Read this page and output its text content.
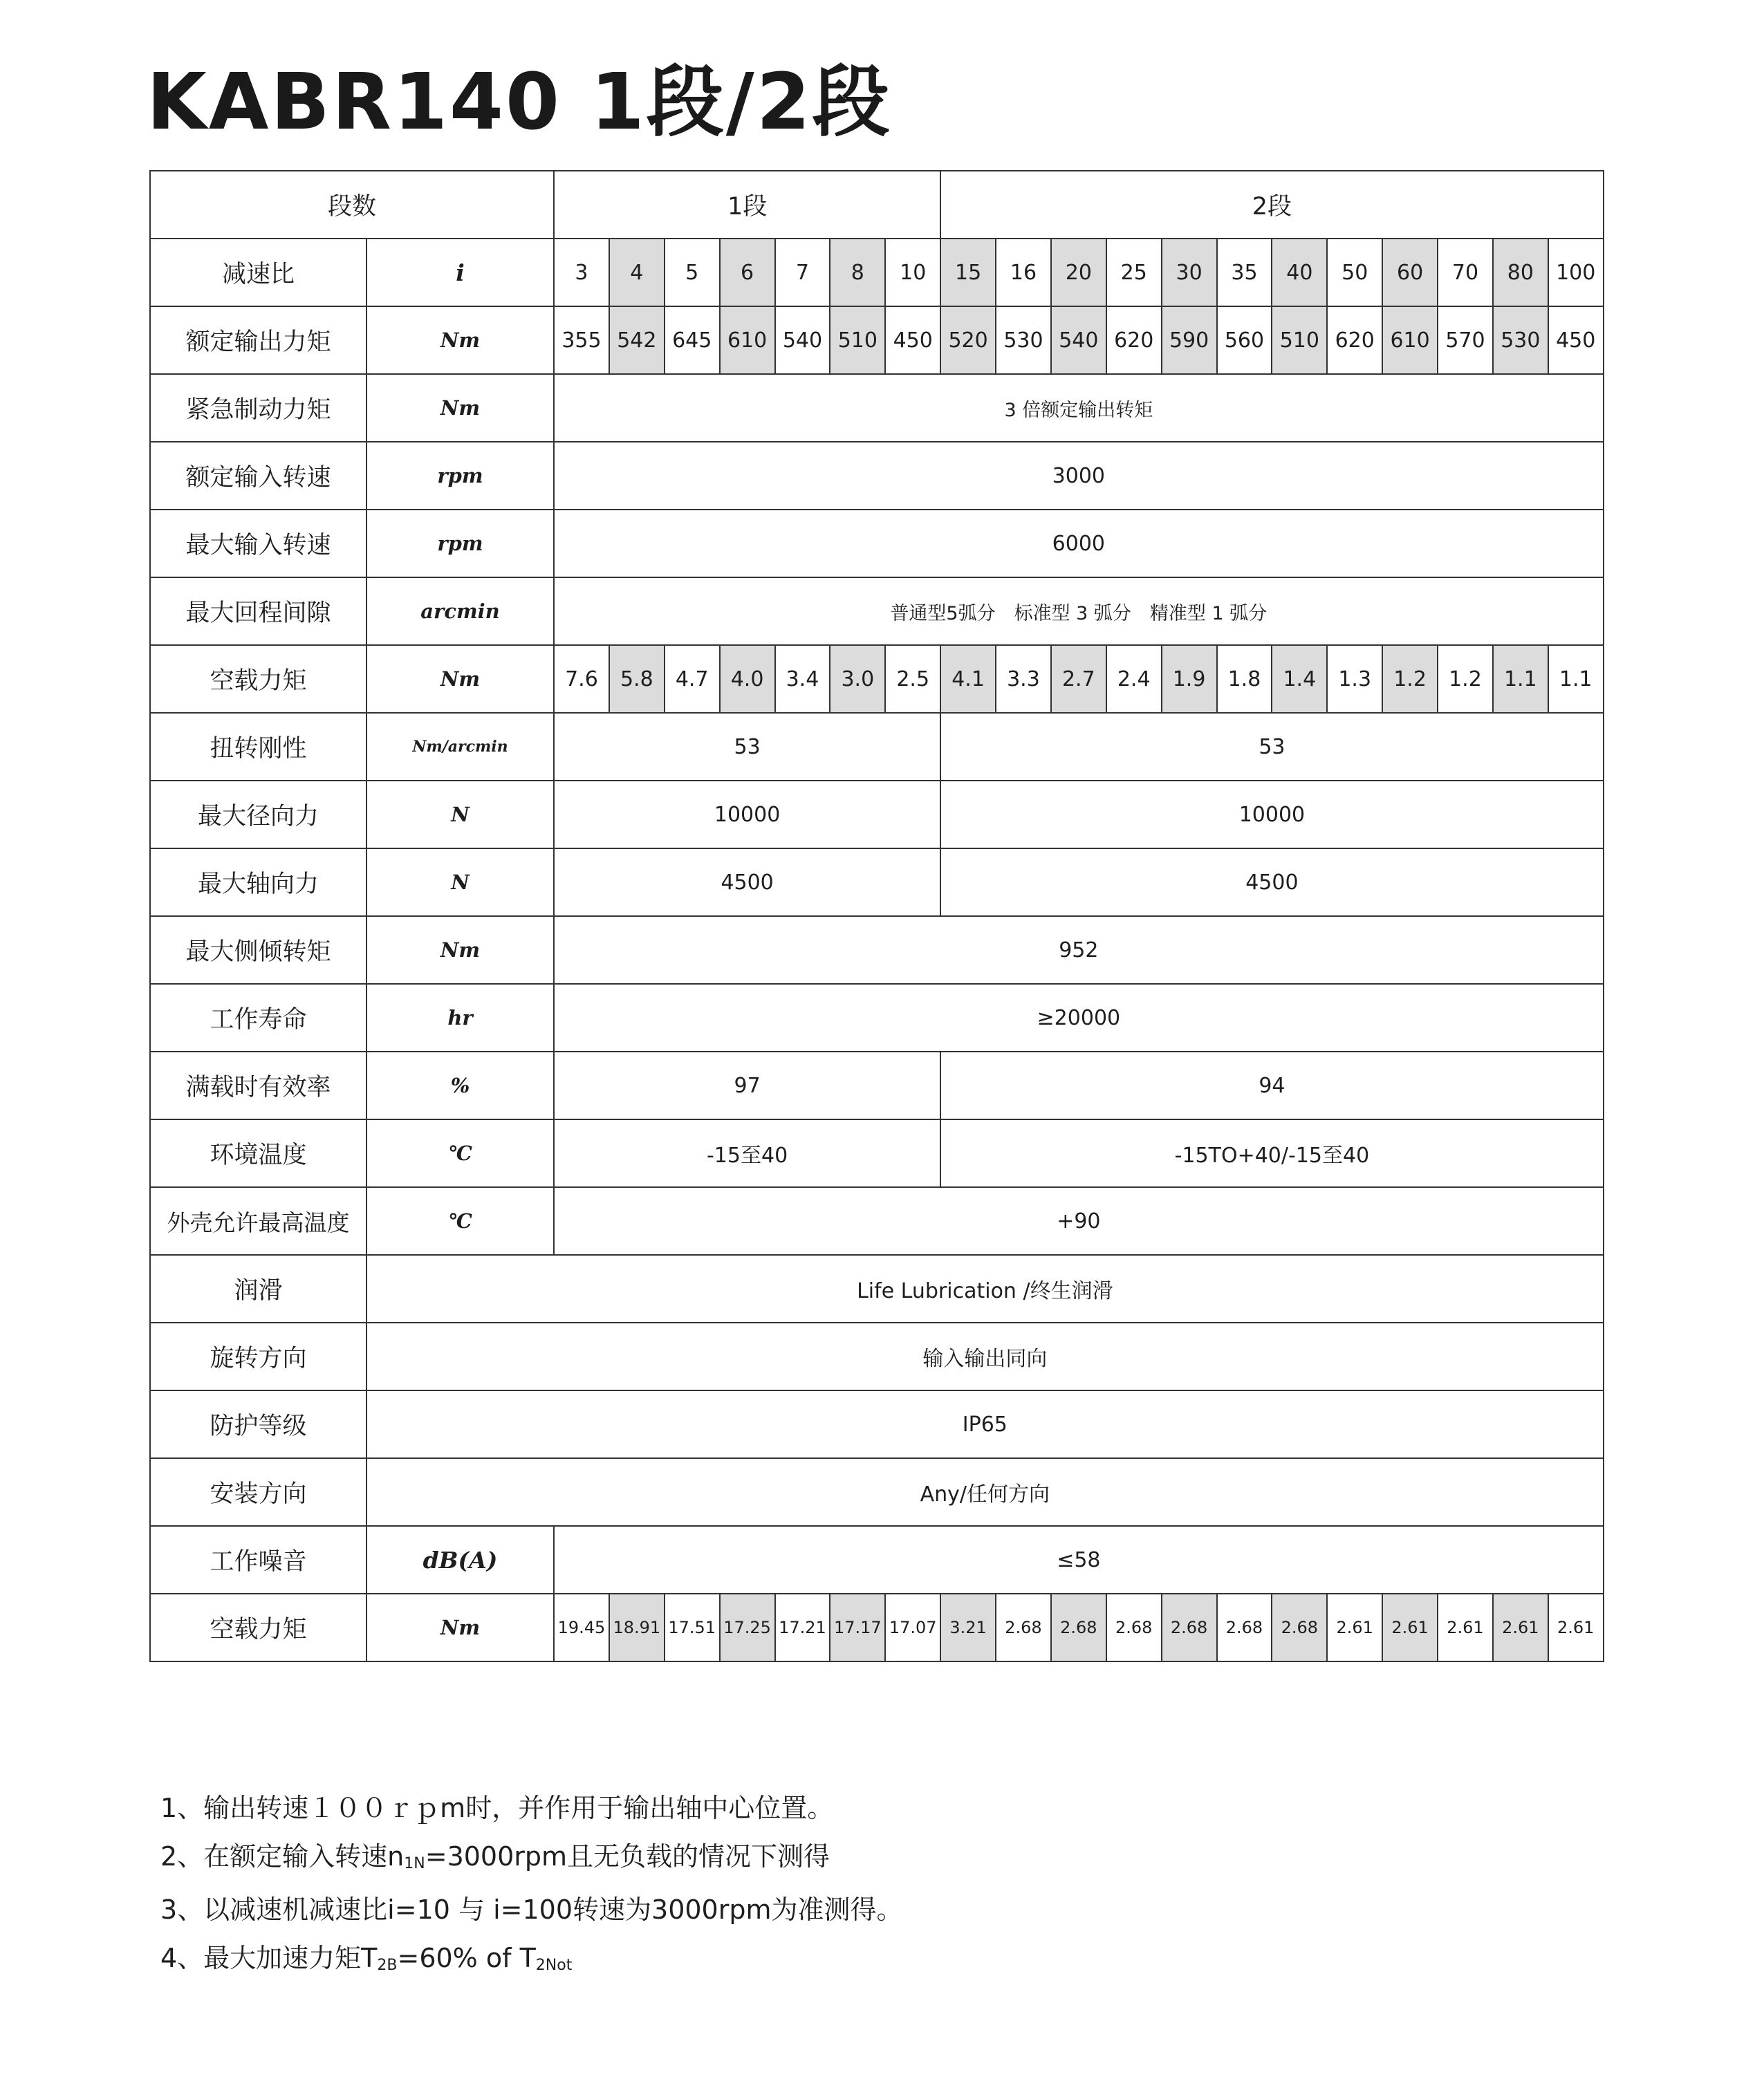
KABR140 1段/2段
段数		1段							2段											
减速比	i	3	4	5	6	7	8	10	15	16	20	25	30	35	40	50	60	70	80	100
额定输出力矩	Nm	355	542	645	610	540	510	450	520	530	540	620	590	560	510	620	610	570	530	450
紧急制动力矩	Nm	3 倍额定输出转矩																		
额定输入转速	rpm	3000																		
最大输入转速	rpm	6000																		
最大回程间隙	arcmin	普通型5弧分　标准型 3 弧分　精准型 1 弧分																		
空载力矩	Nm	7.6	5.8	4.7	4.0	3.4	3.0	2.5	4.1	3.3	2.7	2.4	1.9	1.8	1.4	1.3	1.2	1.2	1.1	1.1
扭转刚性	Nm/arcmin	53							53											
最大径向力	N	10000							10000											
最大轴向力	N	4500							4500											
最大侧倾转矩	Nm	952																		
工作寿命	hr	≥20000																		
满载时有效率	%	97							94											
环境温度	℃	-15至40							-15TO+40/-15至40											
外壳允许最高温度	℃	+90																		
润滑	Life Lubrication /终生润滑																			
旋转方向	输入输出同向																			
防护等级	IP65																			
安装方向	Any/任何方向																			
工作噪音	dB(A)	≤58																		
空载力矩	Nm	19.45	18.91	17.51	17.25	17.21	17.17	17.07	3.21	2.68	2.68	2.68	2.68	2.68	2.68	2.61	2.61	2.61	2.61	2.61
1、输出转速１００ｒｐm时，并作用于输出轴中心位置。
2、在额定输入转速$n_{1N}=3000rpm$且无负载的情况下测得
3、以减速机减速比i=10 与 i=100转速为3000rpm为准测得。
4、最大加速力矩$T_{2B}=60\%$ of $T_{2Not}$
